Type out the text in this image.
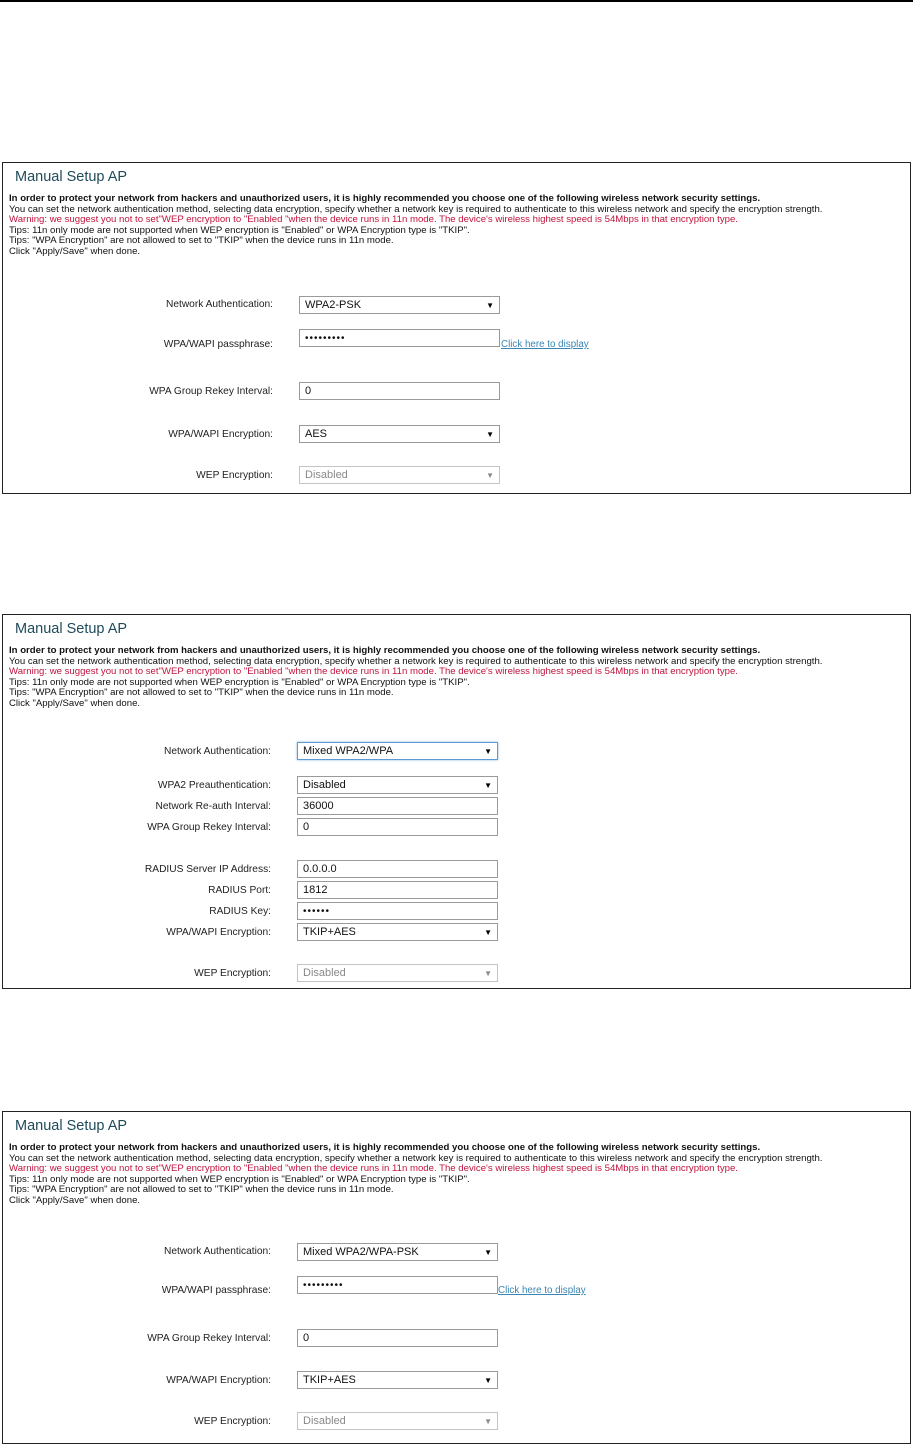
Manual Setup AP
In order to protect your network from hackers and unauthorized users, it is highly recommended you choose one of the following wireless network security settings.
You can set the network authentication method, selecting data encryption, specify whether a network key is required to authenticate to this wireless network and specify the encryption strength.
Warning: we suggest you not to set"WEP encryption to "Enabled "when the device runs in 11n mode. The device's wireless highest speed is 54Mbps in that encryption type.
Tips: 11n only mode are not supported when WEP encryption is "Enabled" or WPA Encryption type is "TKIP".
Tips: "WPA Encryption" are not allowed to set to "TKIP" when the device runs in 11n mode.
Click "Apply/Save" when done.
Network Authentication:	WPA2-PSK ▼
WPA/WAPI passphrase:
•••••••••
Click here to display
WPA Group Rekey Interval:	0
WPA/WAPI Encryption:	AES ▼
WEP Encryption:	Disabled ▼
Manual Setup AP
In order to protect your network from hackers and unauthorized users, it is highly recommended you choose one of the following wireless network security settings.
You can set the network authentication method, selecting data encryption, specify whether a network key is required to authenticate to this wireless network and specify the encryption strength.
Warning: we suggest you not to set"WEP encryption to "Enabled "when the device runs in 11n mode. The device's wireless highest speed is 54Mbps in that encryption type.
Tips: 11n only mode are not supported when WEP encryption is "Enabled" or WPA Encryption type is "TKIP".
Tips: "WPA Encryption" are not allowed to set to "TKIP" when the device runs in 11n mode.
Click "Apply/Save" when done.
Network Authentication:	Mixed WPA2/WPA ▼
WPA2 Preauthentication:	Disabled ▼
Network Re-auth Interval:	36000
WPA Group Rekey Interval:	0
RADIUS Server IP Address:	0.0.0.0
RADIUS Port:	1812
RADIUS Key:	••••••
WPA/WAPI Encryption:	TKIP+AES ▼
WEP Encryption:	Disabled ▼
Manual Setup AP
In order to protect your network from hackers and unauthorized users, it is highly recommended you choose one of the following wireless network security settings.
You can set the network authentication method, selecting data encryption, specify whether a network key is required to authenticate to this wireless network and specify the encryption strength.
Warning: we suggest you not to set"WEP encryption to "Enabled "when the device runs in 11n mode. The device's wireless highest speed is 54Mbps in that encryption type.
Tips: 11n only mode are not supported when WEP encryption is "Enabled" or WPA Encryption type is "TKIP".
Tips: "WPA Encryption" are not allowed to set to "TKIP" when the device runs in 11n mode.
Click "Apply/Save" when done.
Network Authentication:	Mixed WPA2/WPA-PSK ▼
WPA/WAPI passphrase:	•••••••••	Click here to display
WPA Group Rekey Interval:	0
WPA/WAPI Encryption:	TKIP+AES ▼
WEP Encryption:	Disabled ▼
